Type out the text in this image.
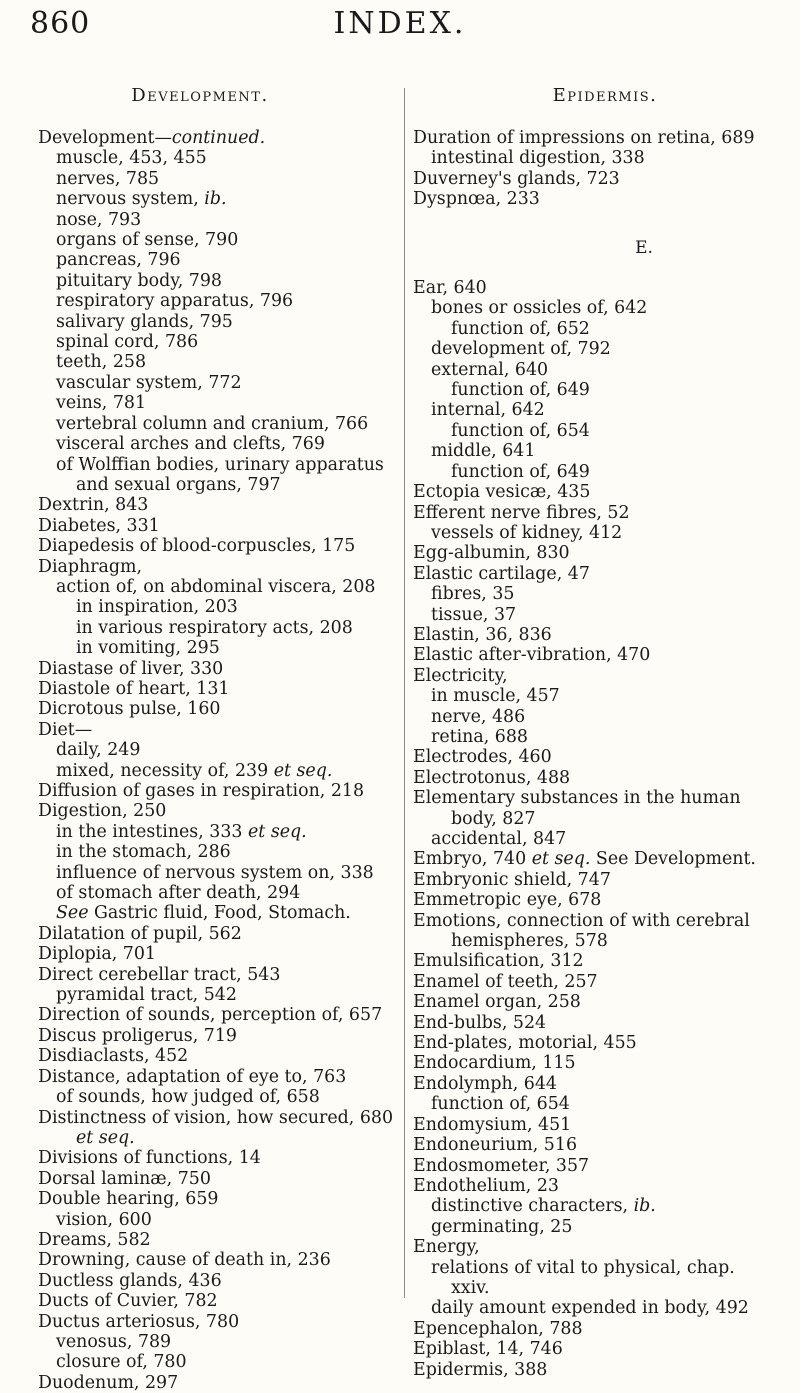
860	INDEX.
Development.	Epidermis.
Development—continued.
muscle, 453, 455
nerves, 785
nervous system, ib.
nose, 793
organs of sense, 790
pancreas, 796
pituitary body, 798
respiratory apparatus, 796
salivary glands, 795
spinal cord, 786
teeth, 258
vascular system, 772
veins, 781
vertebral column and cranium, 766
visceral arches and clefts, 769
of Wolffian bodies, urinary apparatus
and sexual organs, 797
Dextrin, 843
Diabetes, 331
Diapedesis of blood-corpuscles, 175
Diaphragm,
action of, on abdominal viscera, 208
in inspiration, 203
in various respiratory acts, 208
in vomiting, 295
Diastase of liver, 330
Diastole of heart, 131
Dicrotous pulse, 160
Diet—
daily, 249
mixed, necessity of, 239 et seq.
Diffusion of gases in respiration, 218
Digestion, 250
in the intestines, 333 et seq.
in the stomach, 286
influence of nervous system on, 338
of stomach after death, 294
See Gastric fluid, Food, Stomach.
Dilatation of pupil, 562
Diplopia, 701
Direct cerebellar tract, 543
pyramidal tract, 542
Direction of sounds, perception of, 657
Discus proligerus, 719
Disdiaclasts, 452
Distance, adaptation of eye to, 763
of sounds, how judged of, 658
Distinctness of vision, how secured, 680
et seq.
Divisions of functions, 14
Dorsal laminæ, 750
Double hearing, 659
vision, 600
Dreams, 582
Drowning, cause of death in, 236
Ductless glands, 436
Ducts of Cuvier, 782
Ductus arteriosus, 780
venosus, 789
closure of, 780
Duodenum, 297
Duration of impressions on retina, 689
intestinal digestion, 338
Duverney's glands, 723
Dyspnœa, 233
E.
Ear, 640
bones or ossicles of, 642
function of, 652
development of, 792
external, 640
function of, 649
internal, 642
function of, 654
middle, 641
function of, 649
Ectopia vesicæ, 435
Efferent nerve fibres, 52
vessels of kidney, 412
Egg-albumin, 830
Elastic cartilage, 47
fibres, 35
tissue, 37
Elastin, 36, 836
Elastic after-vibration, 470
Electricity,
in muscle, 457
nerve, 486
retina, 688
Electrodes, 460
Electrotonus, 488
Elementary substances in the human
body, 827
accidental, 847
Embryo, 740 et seq. See Development.
Embryonic shield, 747
Emmetropic eye, 678
Emotions, connection of with cerebral
hemispheres, 578
Emulsification, 312
Enamel of teeth, 257
Enamel organ, 258
End-bulbs, 524
End-plates, motorial, 455
Endocardium, 115
Endolymph, 644
function of, 654
Endomysium, 451
Endoneurium, 516
Endosmometer, 357
Endothelium, 23
distinctive characters, ib.
germinating, 25
Energy,
relations of vital to physical, chap.
xxiv.
daily amount expended in body, 492
Epencephalon, 788
Epiblast, 14, 746
Epidermis, 388
